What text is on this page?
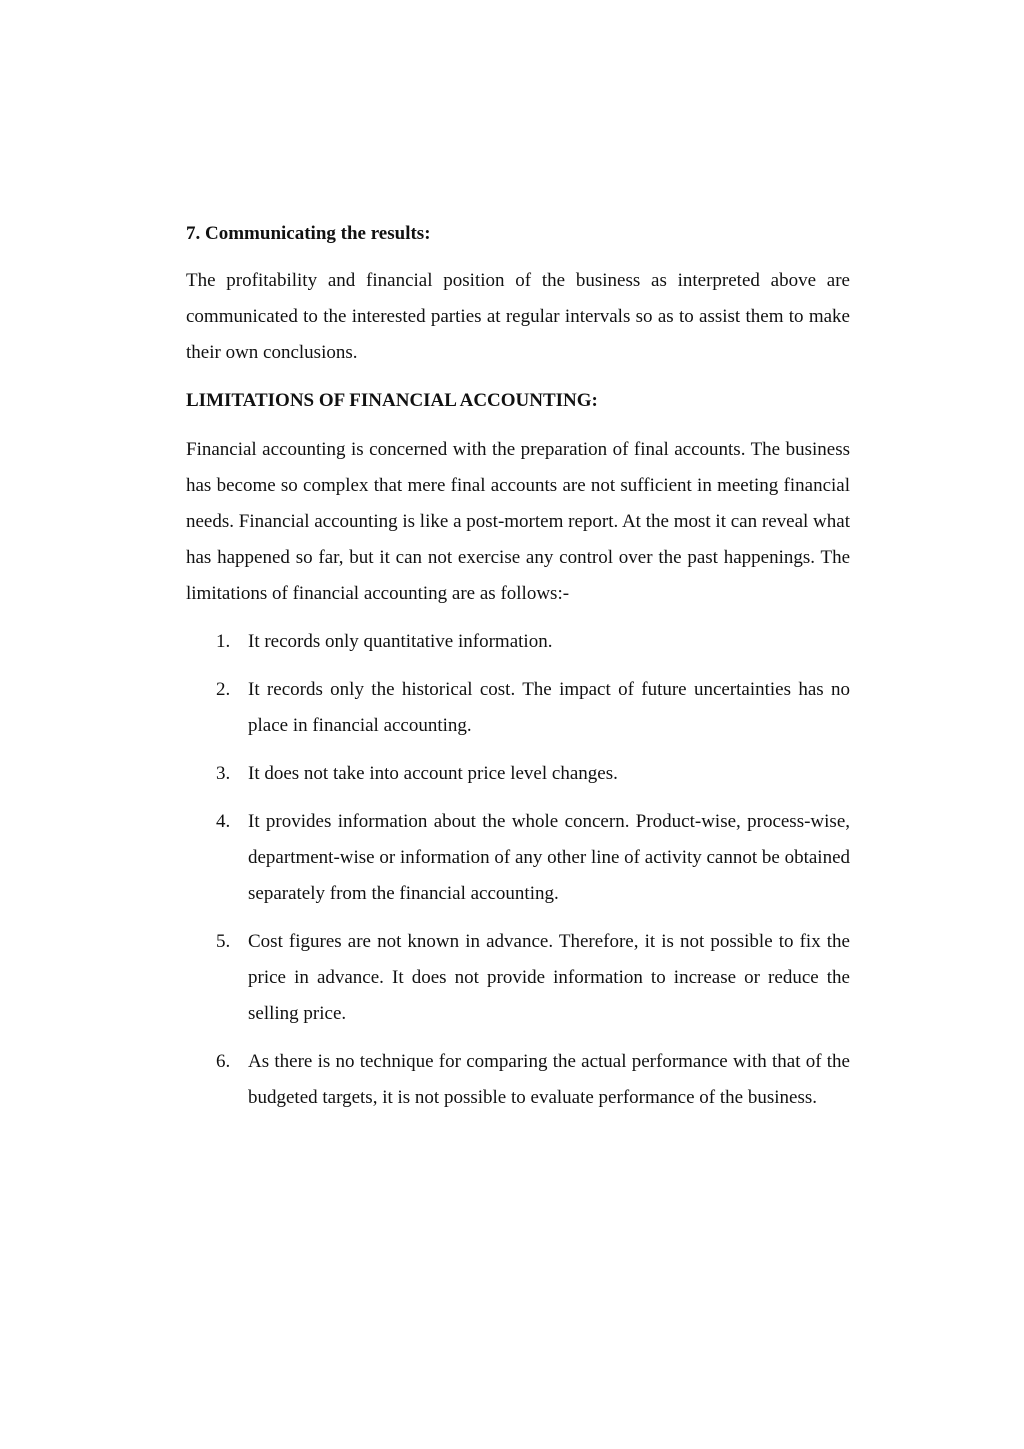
7. Communicating the results:

The profitability and financial position of the business as interpreted above are communicated to the interested parties at regular intervals so as to assist them to make their own conclusions.

LIMITATIONS OF FINANCIAL ACCOUNTING:

Financial accounting is concerned with the preparation of final accounts. The business has become so complex that mere final accounts are not sufficient in meeting financial needs. Financial accounting is like a post-mortem report. At the most it can reveal what has happened so far, but it can not exercise any control over the past happenings. The limitations of financial accounting are as follows:-

1. It records only quantitative information.
2. It records only the historical cost. The impact of future uncertainties has no place in financial accounting.
3. It does not take into account price level changes.
4. It provides information about the whole concern. Product-wise, process-wise, department-wise or information of any other line of activity cannot be obtained separately from the financial accounting.
5. Cost figures are not known in advance. Therefore, it is not possible to fix the price in advance. It does not provide information to increase or reduce the selling price.
6. As there is no technique for comparing the actual performance with that of the budgeted targets, it is not possible to evaluate performance of the business.
